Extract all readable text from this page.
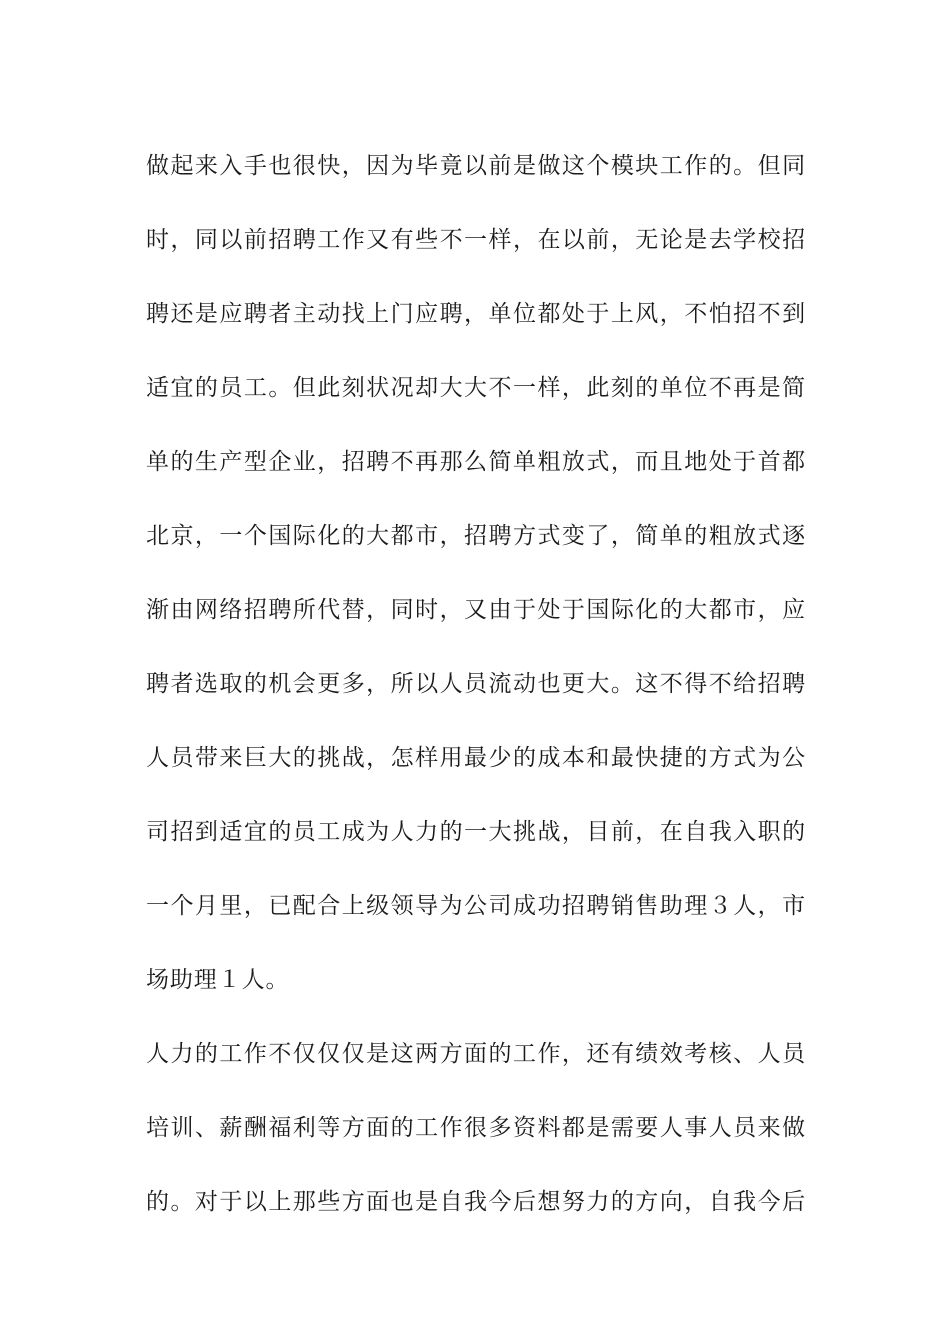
做起来入手也很快，因为毕竟以前是做这个模块工作的。但同
时，同以前招聘工作又有些不一样，在以前，无论是去学校招
聘还是应聘者主动找上门应聘，单位都处于上风，不怕招不到
适宜的员工。但此刻状况却大大不一样，此刻的单位不再是简
单的生产型企业，招聘不再那么简单粗放式，而且地处于首都
北京，一个国际化的大都市，招聘方式变了，简单的粗放式逐
渐由网络招聘所代替，同时，又由于处于国际化的大都市，应
聘者选取的机会更多，所以人员流动也更大。这不得不给招聘
人员带来巨大的挑战，怎样用最少的成本和最快捷的方式为公
司招到适宜的员工成为人力的一大挑战，目前，在自我入职的
一个月里，已配合上级领导为公司成功招聘销售助理３人，市
场助理１人。
人力的工作不仅仅仅是这两方面的工作，还有绩效考核、人员
培训、薪酬福利等方面的工作很多资料都是需要人事人员来做
的。对于以上那些方面也是自我今后想努力的方向，自我今后
